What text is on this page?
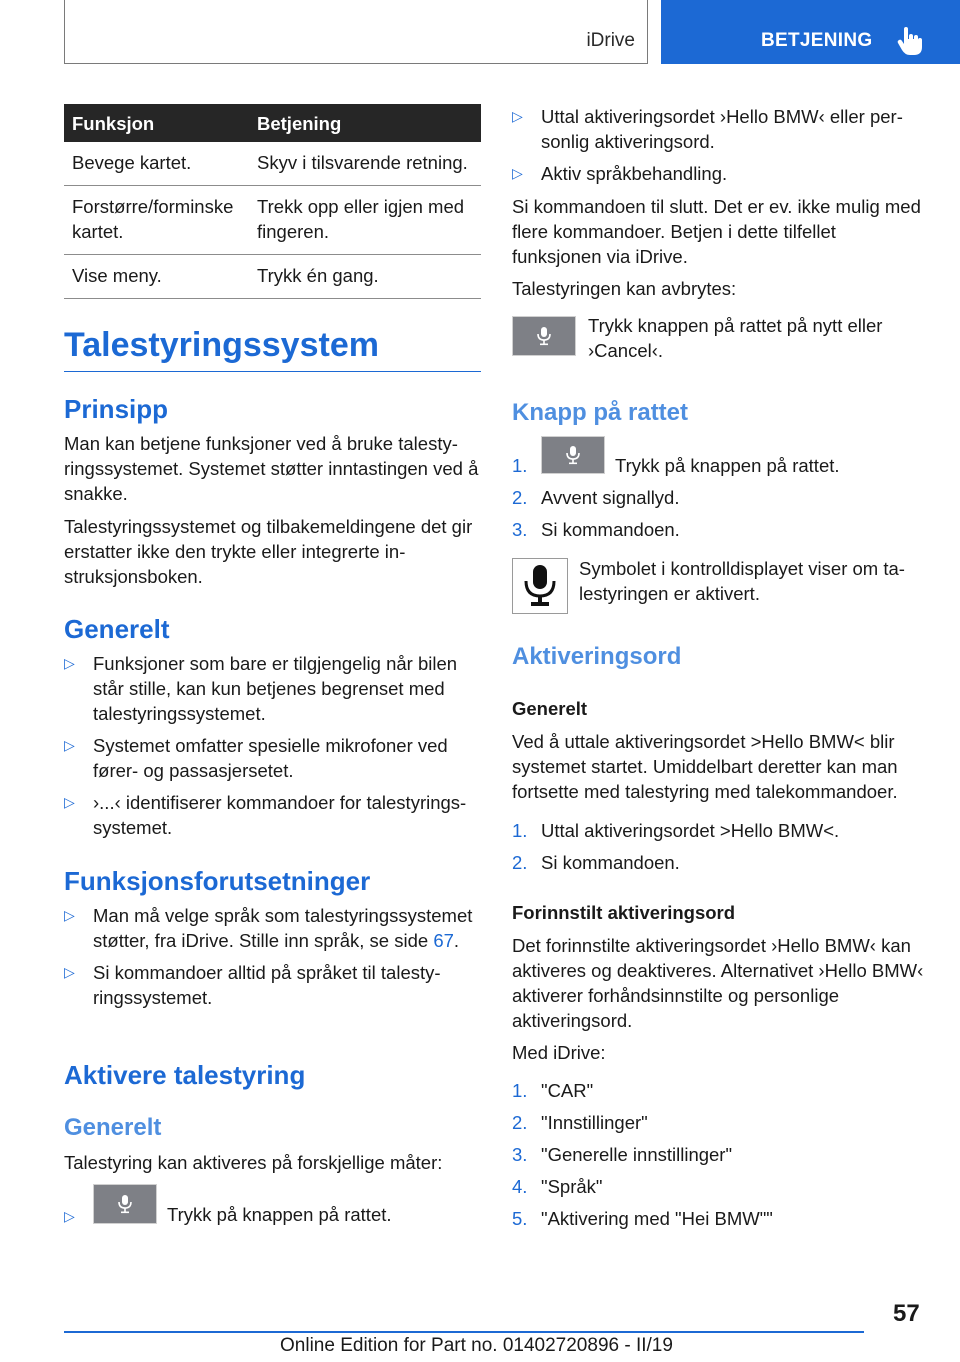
iDrive	BETJENING
Funksjon	Betjening
Bevege kartet.	Skyv i tilsvarende retning.
Forstørre/forminske kartet.	Trekk opp eller igjen med fingeren.
Vise meny.	Trykk én gang.
Talestyringssystem
Prinsipp
Man kan betjene funksjoner ved å bruke talestyringssystemet. Systemet støtter inntastingen ved å snakke.
Talestyringssystemet og tilbakemeldingene det gir erstatter ikke den trykte eller integrerte instruksjonsboken.
Generelt
▷ Funksjoner som bare er tilgjengelig når bilen står stille, kan kun betjenes begrenset med talestyringssystemet.
▷ Systemet omfatter spesielle mikrofoner ved fører- og passasjersetet.
▷ ›...‹ identifiserer kommandoer for talestyringssystemet.
Funksjonsforutsetninger
▷ Man må velge språk som talestyringssystemet støtter, fra iDrive. Stille inn språk, se side 67.
▷ Si kommandoer alltid på språket til talestyringssystemet.
Aktivere talestyring
Generelt
Talestyring kan aktiveres på forskjellige måter:
▷	Trykk på knappen på rattet.
▷ Uttal aktiveringsordet ›Hello BMW‹ eller personlig aktiveringsord.
▷ Aktiv språkbehandling.
Si kommandoen til slutt. Det er ev. ikke mulig med flere kommandoer. Betjen i dette tilfellet funksjonen via iDrive.
Talestyringen kan avbrytes:
Trykk knappen på rattet på nytt eller ›Cancel‹.
Knapp på rattet
1.	Trykk på knappen på rattet.
2. Avvent signallyd.
3. Si kommandoen.
Symbolet i kontrolldisplayet viser om talestyringen er aktivert.
Aktiveringsord
Generelt
Ved å uttale aktiveringsordet >Hello BMW< blir systemet startet. Umiddelbart deretter kan man fortsette med talestyring med talekommandoer.
1. Uttal aktiveringsordet >Hello BMW<.
2. Si kommandoen.
Forinnstilt aktiveringsord
Det forinnstilte aktiveringsordet ›Hello BMW‹ kan aktiveres og deaktiveres. Alternativet ›Hello BMW‹ aktiverer forhåndsinnstilte og personlige aktiveringsord.
Med iDrive:
1. "CAR"
2. "Innstillinger"
3. "Generelle innstillinger"
4. "Språk"
5. "Aktivering med "Hei BMW""
57
Online Edition for Part no. 01402720896 - II/19
